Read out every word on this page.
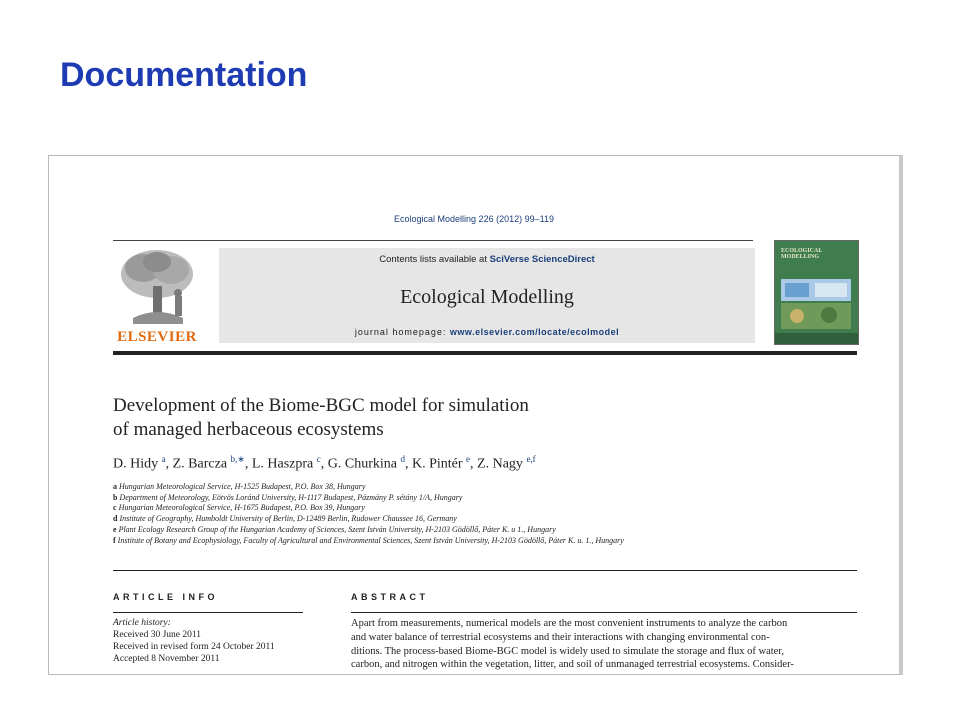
Documentation
Ecological Modelling 226 (2012) 99–119
ELSEVIER
Contents lists available at SciVerse ScienceDirect
Ecological Modelling
journal homepage: www.elsevier.com/locate/ecolmodel
ECOLOGICAL MODELLING
Development of the Biome-BGC model for simulation
of managed herbaceous ecosystems
D. Hidy $^a$, Z. Barcza $^{b,∗}$, L. Haszpra $^c$, G. Churkina $^d$, K. Pintér $^e$, Z. Nagy $^{e,f}$
a Hungarian Meteorological Service, H-1525 Budapest, P.O. Box 38, Hungary
b Department of Meteorology, Eötvös Loránd University, H-1117 Budapest, Pázmány P. sétány 1/A, Hungary
c Hungarian Meteorological Service, H-1675 Budapest, P.O. Box 39, Hungary
d Institute of Geography, Humboldt University of Berlin, D-12489 Berlin, Rudower Chaussee 16, Germany
e Plant Ecology Research Group of the Hungarian Academy of Sciences, Szent István University, H-2103 Gödöllő, Páter K. u 1., Hungary
f Institute of Botany and Ecophysiology, Faculty of Agricultural and Environmental Sciences, Szent István University, H-2103 Gödöllő, Páter K. u. 1., Hungary
ARTICLE INFO	ABSTRACT
Article history:
Received 30 June 2011
Received in revised form 24 October 2011
Accepted 8 November 2011
Apart from measurements, numerical models are the most convenient instruments to analyze the carbon
and water balance of terrestrial ecosystems and their interactions with changing environmental con-
ditions. The process-based Biome-BGC model is widely used to simulate the storage and flux of water,
carbon, and nitrogen within the vegetation, litter, and soil of unmanaged terrestrial ecosystems. Consider-
